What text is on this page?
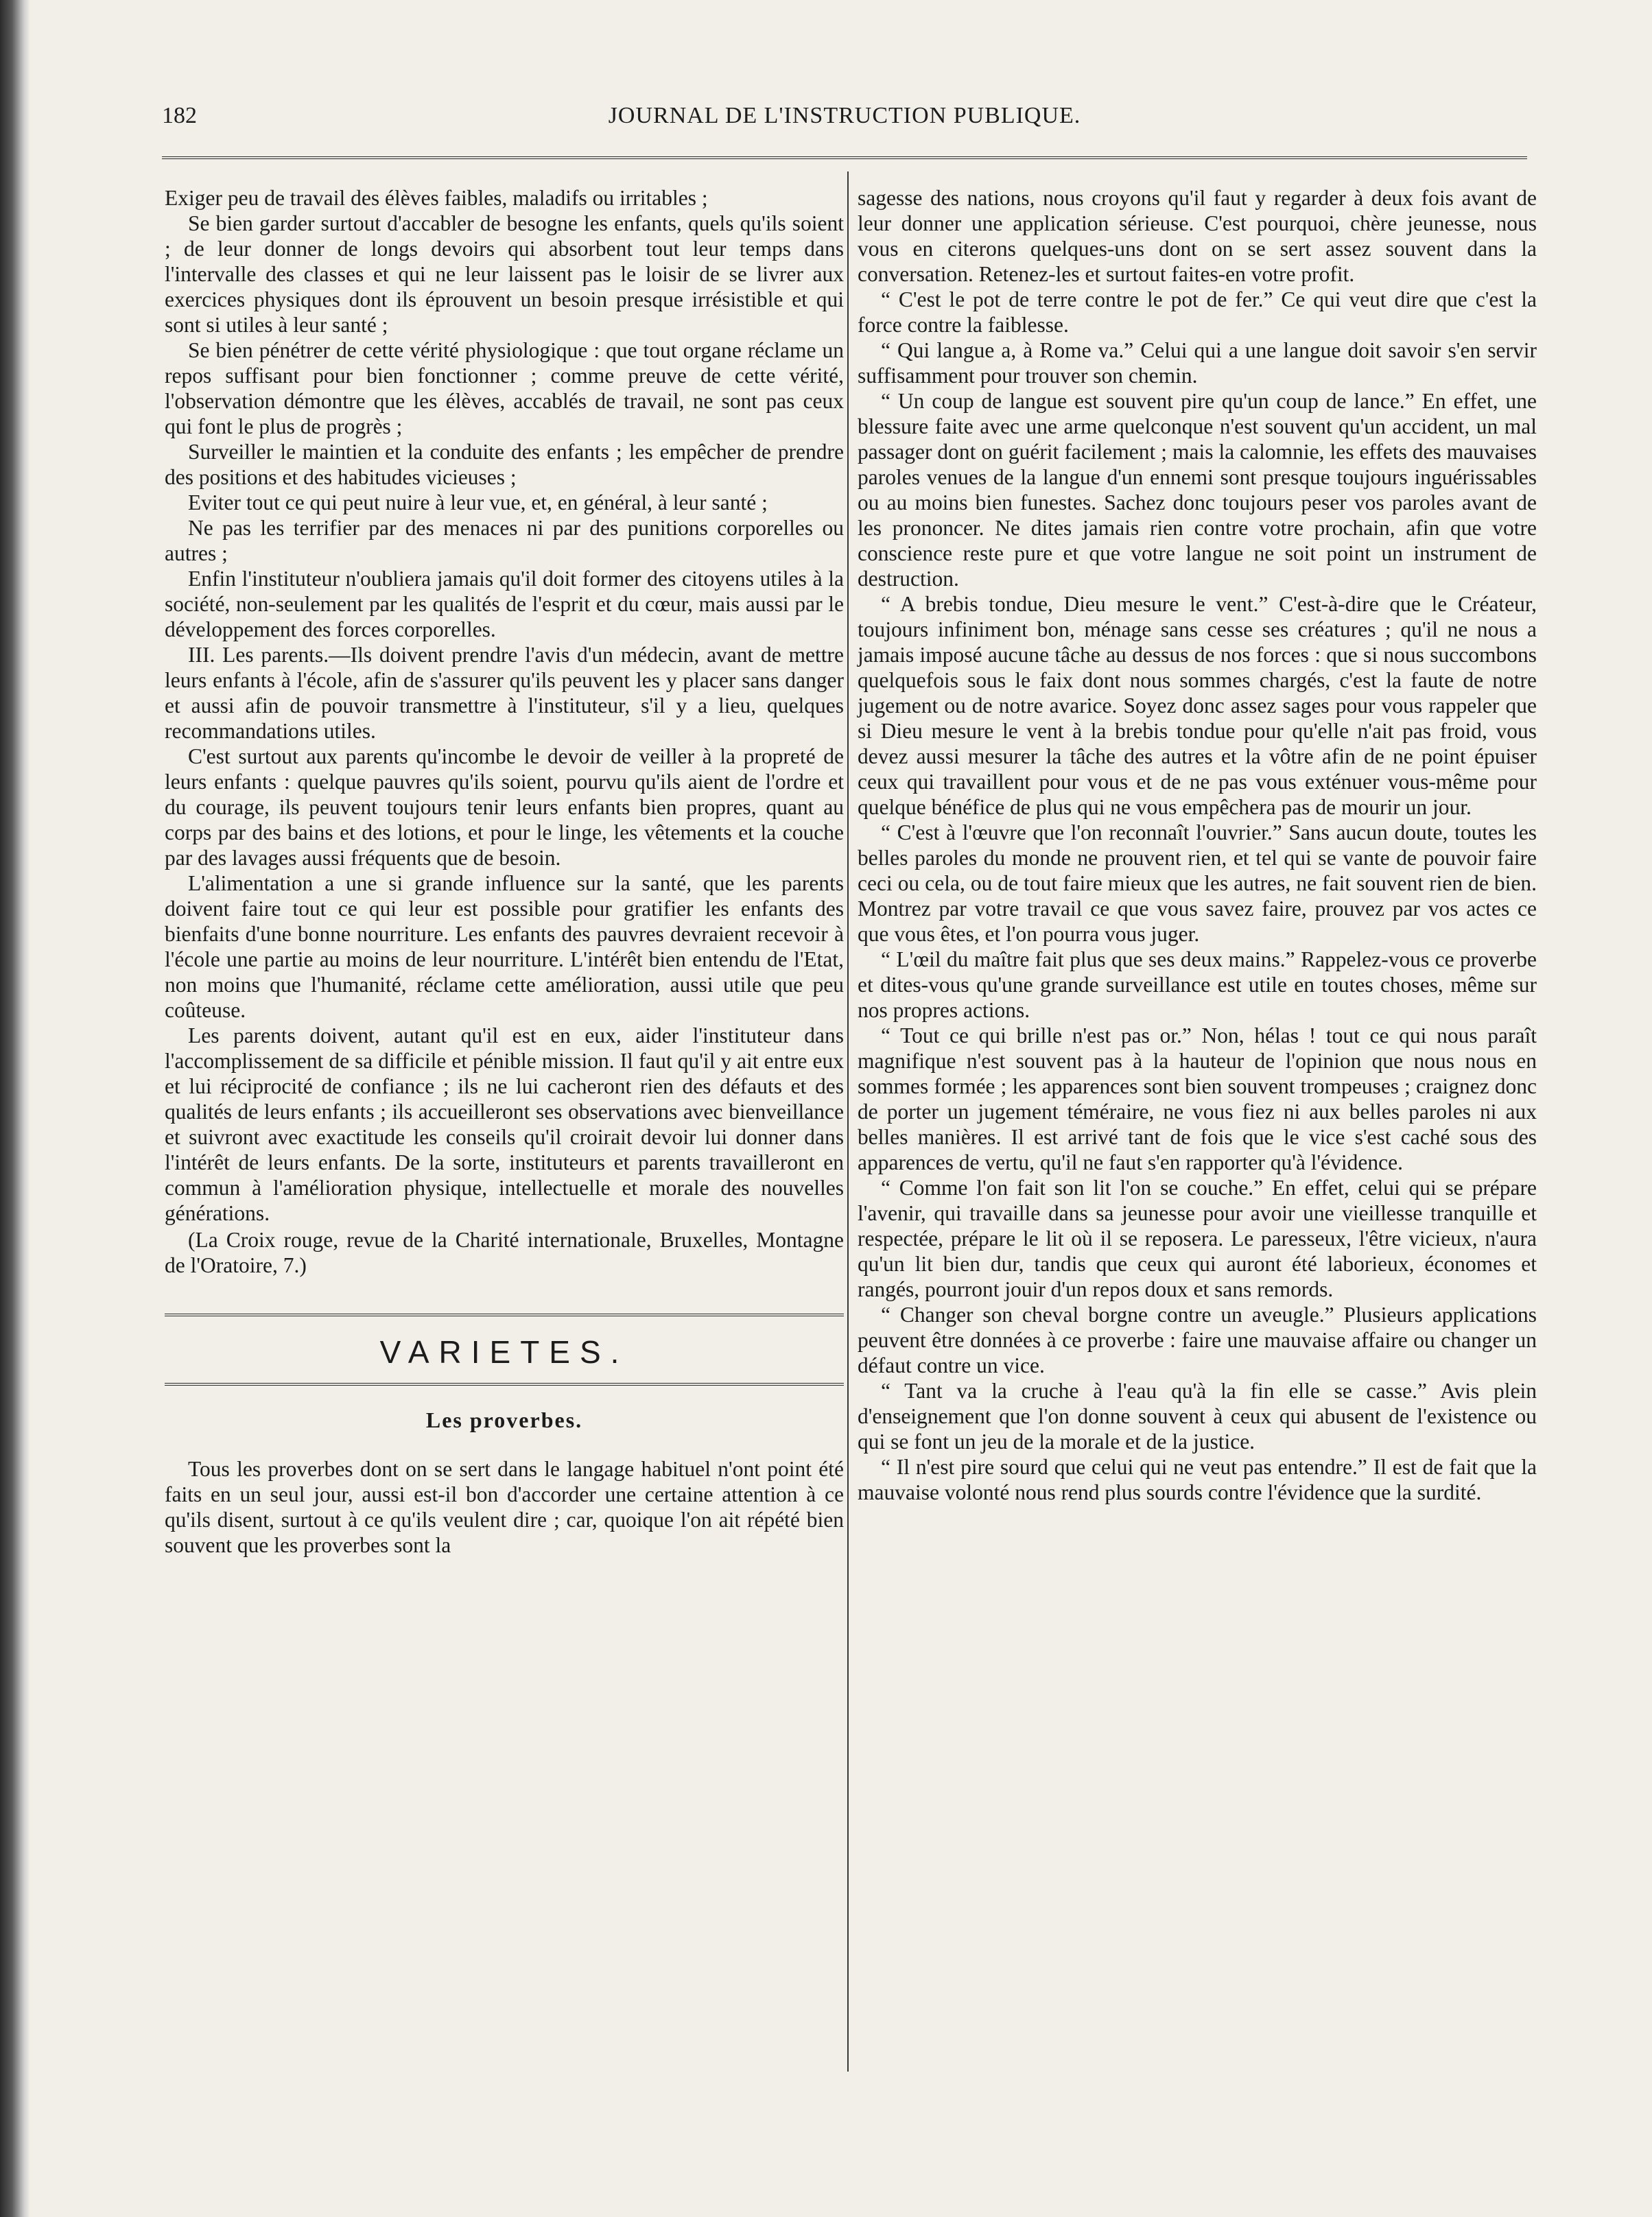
182	JOURNAL DE L'INSTRUCTION PUBLIQUE.

Exiger peu de travail des élèves faibles, maladifs ou irritables ;

Se bien garder surtout d'accabler de besogne les enfants, quels qu'ils soient ; de leur donner de longs devoirs qui absorbent tout leur temps dans l'intervalle des classes et qui ne leur laissent pas le loisir de se livrer aux exercices physiques dont ils éprouvent un besoin presque irrésistible et qui sont si utiles à leur santé ;

Se bien pénétrer de cette vérité physiologique : que tout organe réclame un repos suffisant pour bien fonctionner ; comme preuve de cette vérité, l'observation démontre que les élèves, accablés de travail, ne sont pas ceux qui font le plus de progrès ;

Surveiller le maintien et la conduite des enfants ; les empêcher de prendre des positions et des habitudes vicieuses ;

Eviter tout ce qui peut nuire à leur vue, et, en général, à leur santé ;

Ne pas les terrifier par des menaces ni par des punitions corporelles ou autres ;

Enfin l'instituteur n'oubliera jamais qu'il doit former des citoyens utiles à la société, non-seulement par les qualités de l'esprit et du cœur, mais aussi par le développement des forces corporelles.

III. Les parents.—Ils doivent prendre l'avis d'un médecin, avant de mettre leurs enfants à l'école, afin de s'assurer qu'ils peuvent les y placer sans danger et aussi afin de pouvoir transmettre à l'instituteur, s'il y a lieu, quelques recommandations utiles.

C'est surtout aux parents qu'incombe le devoir de veiller à la propreté de leurs enfants : quelque pauvres qu'ils soient, pourvu qu'ils aient de l'ordre et du courage, ils peuvent toujours tenir leurs enfants bien propres, quant au corps par des bains et des lotions, et pour le linge, les vêtements et la couche par des lavages aussi fréquents que de besoin.

L'alimentation a une si grande influence sur la santé, que les parents doivent faire tout ce qui leur est possible pour gratifier les enfants des bienfaits d'une bonne nourriture. Les enfants des pauvres devraient recevoir à l'école une partie au moins de leur nourriture. L'intérêt bien entendu de l'Etat, non moins que l'humanité, réclame cette amélioration, aussi utile que peu coûteuse.

Les parents doivent, autant qu'il est en eux, aider l'instituteur dans l'accomplissement de sa difficile et pénible mission. Il faut qu'il y ait entre eux et lui réciprocité de confiance ; ils ne lui cacheront rien des défauts et des qualités de leurs enfants ; ils accueilleront ses observations avec bienveillance et suivront avec exactitude les conseils qu'il croirait devoir lui donner dans l'intérêt de leurs enfants. De la sorte, instituteurs et parents travailleront en commun à l'amélioration physique, intellectuelle et morale des nouvelles générations.

(La Croix rouge, revue de la Charité internationale, Bruxelles, Montagne de l'Oratoire, 7.)

VARIETES.
Les proverbes.

Tous les proverbes dont on se sert dans le langage habituel n'ont point été faits en un seul jour, aussi est-il bon d'accorder une certaine attention à ce qu'ils disent, surtout à ce qu'ils veulent dire ; car, quoique l'on ait répété bien souvent que les proverbes sont la

sagesse des nations, nous croyons qu'il faut y regarder à deux fois avant de leur donner une application sérieuse. C'est pourquoi, chère jeunesse, nous vous en citerons quelques-uns dont on se sert assez souvent dans la conversation. Retenez-les et surtout faites-en votre profit.

“ C'est le pot de terre contre le pot de fer.” Ce qui veut dire que c'est la force contre la faiblesse.

“ Qui langue a, à Rome va.” Celui qui a une langue doit savoir s'en servir suffisamment pour trouver son chemin.

“ Un coup de langue est souvent pire qu'un coup de lance.” En effet, une blessure faite avec une arme quelconque n'est souvent qu'un accident, un mal passager dont on guérit facilement ; mais la calomnie, les effets des mauvaises paroles venues de la langue d'un ennemi sont presque toujours inguérissables ou au moins bien funestes. Sachez donc toujours peser vos paroles avant de les prononcer. Ne dites jamais rien contre votre prochain, afin que votre conscience reste pure et que votre langue ne soit point un instrument de destruction.

“ A brebis tondue, Dieu mesure le vent.” C'est-à-dire que le Créateur, toujours infiniment bon, ménage sans cesse ses créatures ; qu'il ne nous a jamais imposé aucune tâche au dessus de nos forces : que si nous succombons quelquefois sous le faix dont nous sommes chargés, c'est la faute de notre jugement ou de notre avarice. Soyez donc assez sages pour vous rappeler que si Dieu mesure le vent à la brebis tondue pour qu'elle n'ait pas froid, vous devez aussi mesurer la tâche des autres et la vôtre afin de ne point épuiser ceux qui travaillent pour vous et de ne pas vous exténuer vous-même pour quelque bénéfice de plus qui ne vous empêchera pas de mourir un jour.

“ C'est à l'œuvre que l'on reconnaît l'ouvrier.” Sans aucun doute, toutes les belles paroles du monde ne prouvent rien, et tel qui se vante de pouvoir faire ceci ou cela, ou de tout faire mieux que les autres, ne fait souvent rien de bien. Montrez par votre travail ce que vous savez faire, prouvez par vos actes ce que vous êtes, et l'on pourra vous juger.

“ L'œil du maître fait plus que ses deux mains.” Rappelez-vous ce proverbe et dites-vous qu'une grande surveillance est utile en toutes choses, même sur nos propres actions.

“ Tout ce qui brille n'est pas or.” Non, hélas ! tout ce qui nous paraît magnifique n'est souvent pas à la hauteur de l'opinion que nous nous en sommes formée ; les apparences sont bien souvent trompeuses ; craignez donc de porter un jugement téméraire, ne vous fiez ni aux belles paroles ni aux belles manières. Il est arrivé tant de fois que le vice s'est caché sous des apparences de vertu, qu'il ne faut s'en rapporter qu'à l'évidence.

“ Comme l'on fait son lit l'on se couche.” En effet, celui qui se prépare l'avenir, qui travaille dans sa jeunesse pour avoir une vieillesse tranquille et respectée, prépare le lit où il se reposera. Le paresseux, l'être vicieux, n'aura qu'un lit bien dur, tandis que ceux qui auront été laborieux, économes et rangés, pourront jouir d'un repos doux et sans remords.

“ Changer son cheval borgne contre un aveugle.” Plusieurs applications peuvent être données à ce proverbe : faire une mauvaise affaire ou changer un défaut contre un vice.

“ Tant va la cruche à l'eau qu'à la fin elle se casse.” Avis plein d'enseignement que l'on donne souvent à ceux qui abusent de l'existence ou qui se font un jeu de la morale et de la justice.

“ Il n'est pire sourd que celui qui ne veut pas entendre.” Il est de fait que la mauvaise volonté nous rend plus sourds contre l'évidence que la surdité.
